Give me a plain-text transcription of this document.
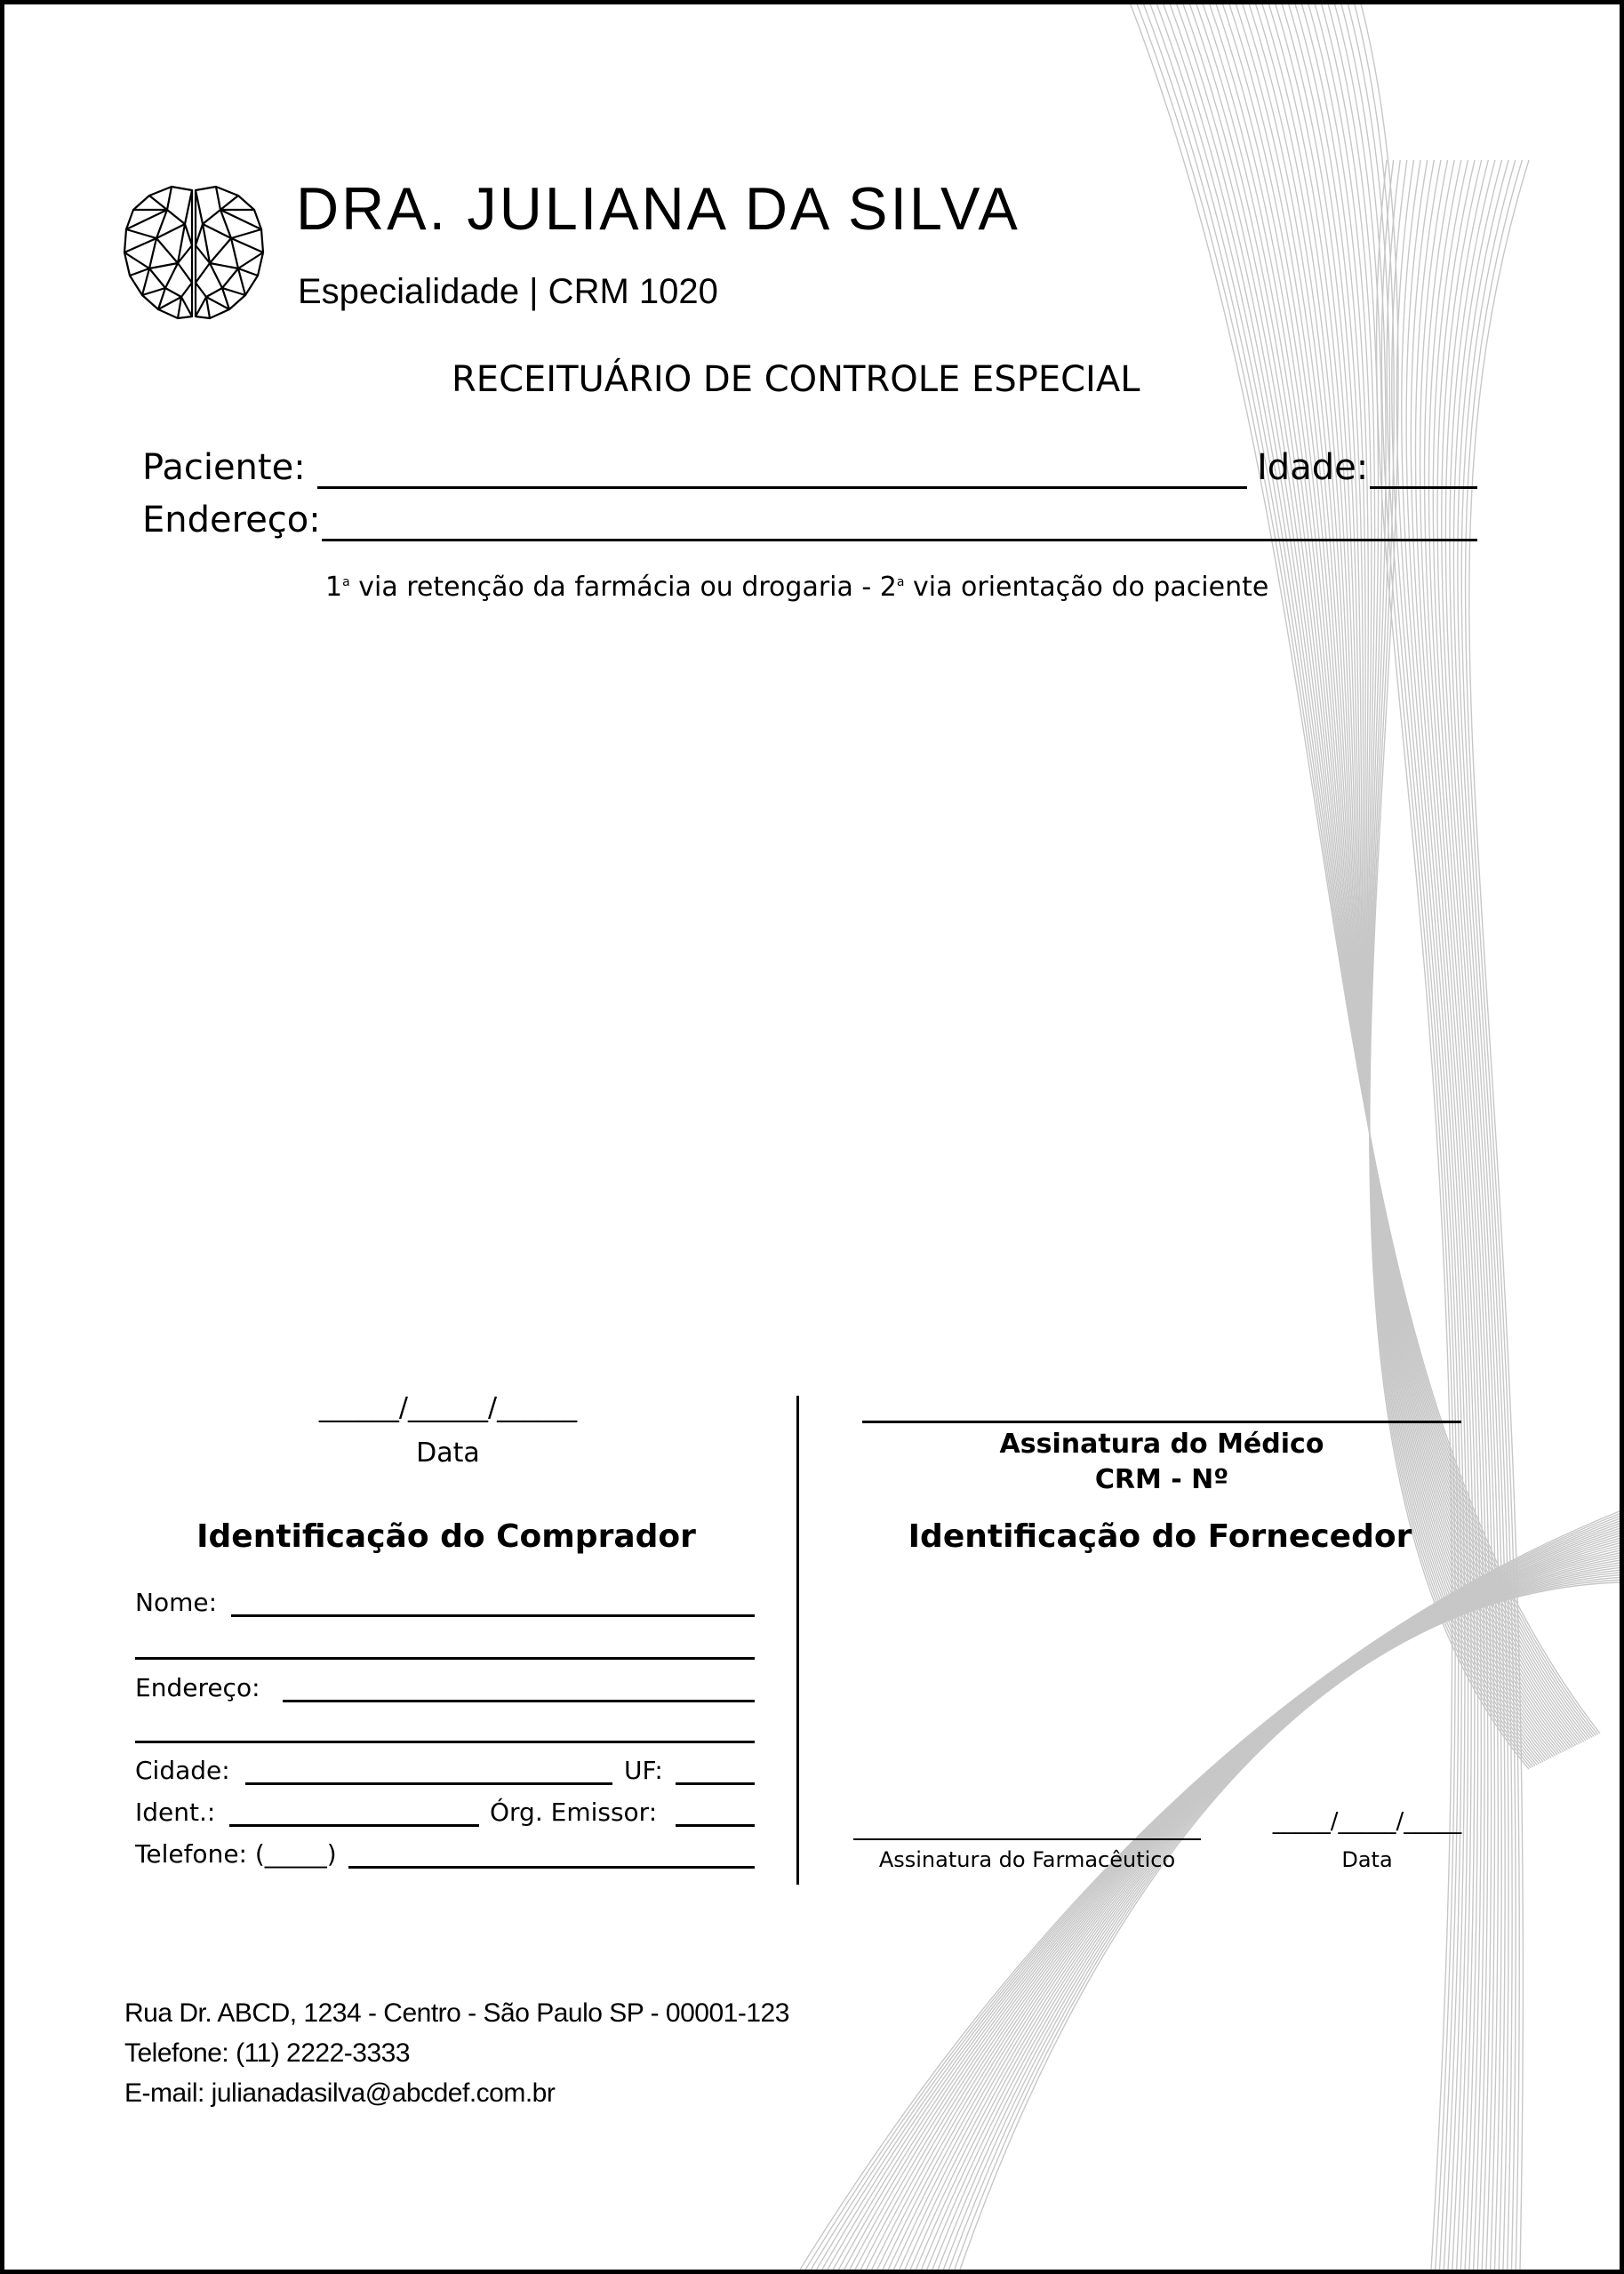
DRA. JULIANA DA SILVA
Especialidade | CRM 1020
RECEITUÁRIO DE CONTROLE ESPECIAL
Paciente:	Idade:
Endereço:
1$^a$ via retenção da farmácia ou drogaria - 2$^a$ via orientação do paciente
______/______/______
Data	Assinatura do Médico
CRM - Nº
Identificação do Comprador
Nome:
Endereço:
Cidade:	UF:
Ident.:	Órg. Emissor:
Telefone: (_____)
Identificação do Fornecedor
Assinatura do Farmacêutico
_____/_____/_____
Data
Rua Dr. ABCD, 1234 - Centro - São Paulo SP - 00001-123
Telefone: (11) 2222-3333
E-mail: julianadasilva@abcdef.com.br
